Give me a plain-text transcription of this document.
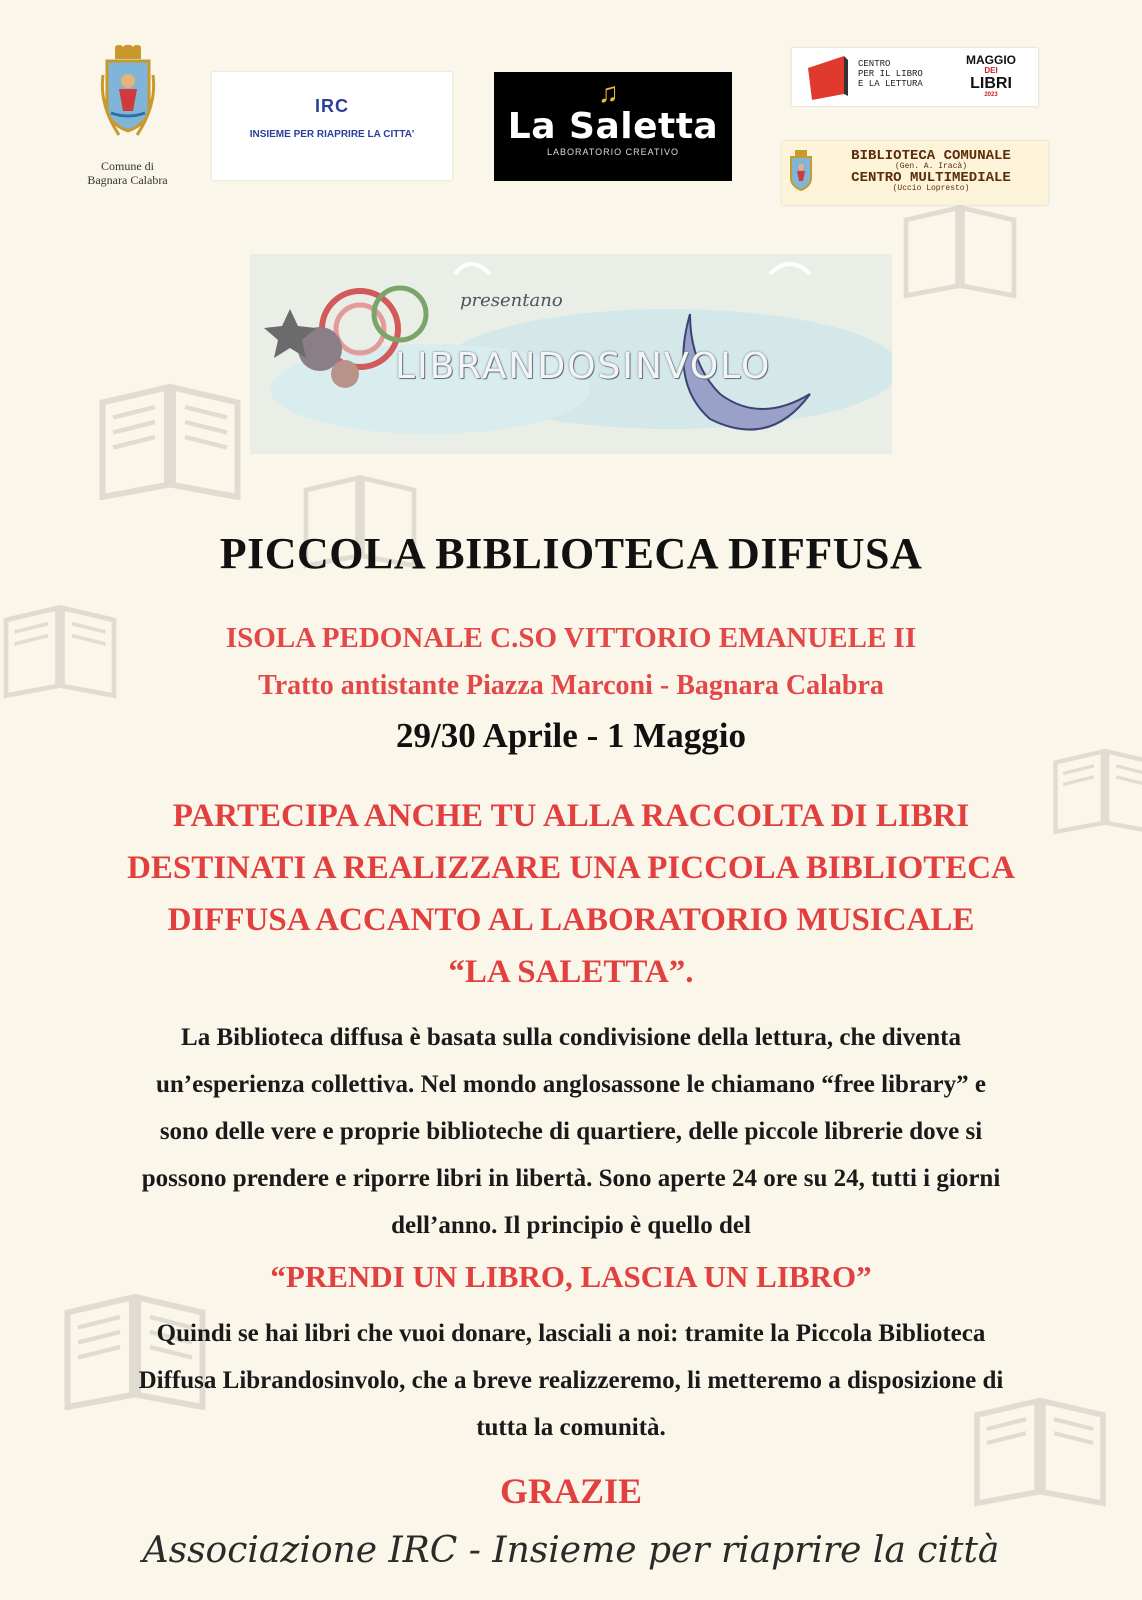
Comune di
Bagnara Calabra
IRC
INSIEME PER RIAPRIRE LA CITTA'
♫
La Saletta
LABORATORIO CREATIVO
CENTRO
PER IL LIBRO
E LA LETTURA
MAGGIO
DEI
LIBRI
2023
BIBLIOTECA COMUNALE
(Gen. A. Iracà)
CENTRO MULTIMEDIALE
(Uccio Lopresto)
presentano
LIBRANDOSINVOLO
PICCOLA BIBLIOTECA DIFFUSA
ISOLA PEDONALE C.SO VITTORIO EMANUELE II
Tratto antistante Piazza Marconi - Bagnara Calabra
29/30 Aprile - 1 Maggio
PARTECIPA ANCHE TU ALLA RACCOLTA DI LIBRI
DESTINATI A REALIZZARE UNA PICCOLA BIBLIOTECA
DIFFUSA ACCANTO AL LABORATORIO MUSICALE
“LA SALETTA”.
La Biblioteca diffusa è basata sulla condivisione della lettura, che diventa
un’esperienza collettiva. Nel mondo anglosassone le chiamano “free library” e
sono delle vere e proprie biblioteche di quartiere, delle piccole librerie dove si
possono prendere e riporre libri in libertà. Sono aperte 24 ore su 24, tutti i giorni
dell’anno. Il principio è quello del
“PRENDI UN LIBRO, LASCIA UN LIBRO”
Quindi se hai libri che vuoi donare, lasciali a noi: tramite la Piccola Biblioteca
Diffusa Librandosinvolo, che a breve realizzeremo, li metteremo a disposizione di
tutta la comunità.
GRAZIE
Associazione IRC - Insieme per riaprire la città
